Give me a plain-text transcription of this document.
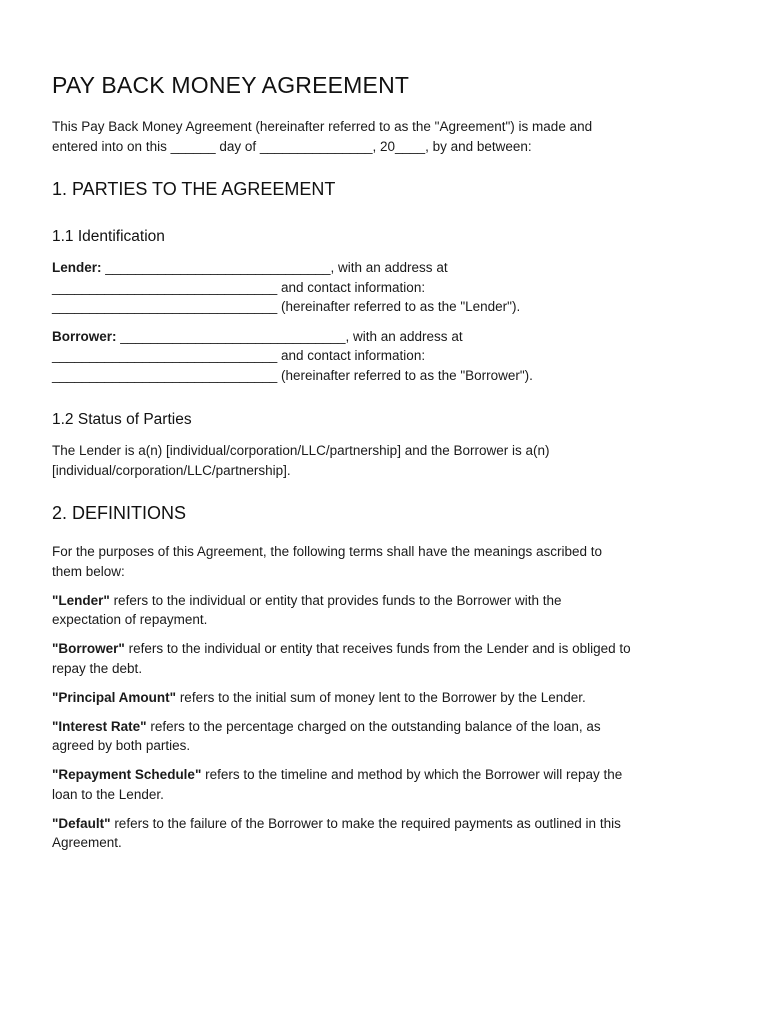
PAY BACK MONEY AGREEMENT

This Pay Back Money Agreement (hereinafter referred to as the "Agreement") is made and
entered into on this ______ day of _______________, 20____, by and between:

1. PARTIES TO THE AGREEMENT
1.1 Identification

Lender: ______________________________, with an address at
______________________________ and contact information:
______________________________ (hereinafter referred to as the "Lender").

Borrower: ______________________________, with an address at
______________________________ and contact information:
______________________________ (hereinafter referred to as the "Borrower").

1.2 Status of Parties

The Lender is a(n) [individual/corporation/LLC/partnership] and the Borrower is a(n)
[individual/corporation/LLC/partnership].

2. DEFINITIONS

For the purposes of this Agreement, the following terms shall have the meanings ascribed to
them below:

"Lender" refers to the individual or entity that provides funds to the Borrower with the
expectation of repayment.

"Borrower" refers to the individual or entity that receives funds from the Lender and is obliged to
repay the debt.

"Principal Amount" refers to the initial sum of money lent to the Borrower by the Lender.

"Interest Rate" refers to the percentage charged on the outstanding balance of the loan, as
agreed by both parties.

"Repayment Schedule" refers to the timeline and method by which the Borrower will repay the
loan to the Lender.

"Default" refers to the failure of the Borrower to make the required payments as outlined in this
Agreement.
